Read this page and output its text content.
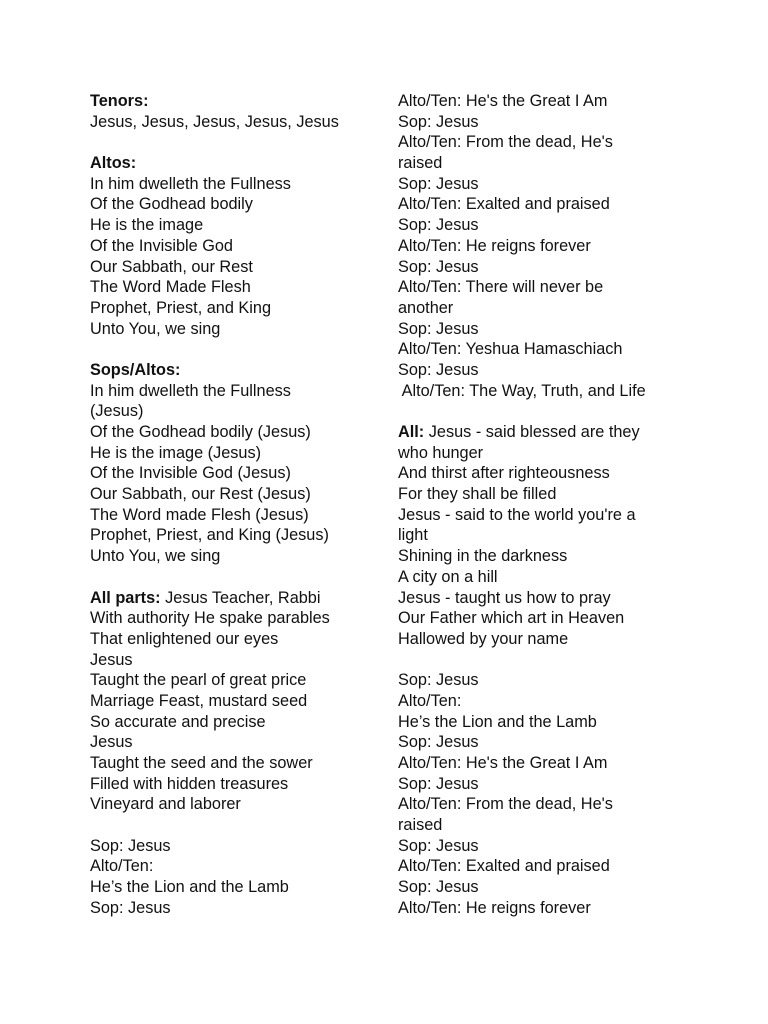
Tenors:
Jesus, Jesus, Jesus, Jesus, Jesus
Altos:
In him dwelleth the Fullness
Of the Godhead bodily
He is the image
Of the Invisible God
Our Sabbath, our Rest
The Word Made Flesh
Prophet, Priest, and King
Unto You, we sing
Sops/Altos:
In him dwelleth the Fullness
(Jesus)
Of the Godhead bodily (Jesus)
He is the image (Jesus)
Of the Invisible God (Jesus)
Our Sabbath, our Rest (Jesus)
The Word made Flesh (Jesus)
Prophet, Priest, and King (Jesus)
Unto You, we sing
All parts: Jesus Teacher, Rabbi
With authority He spake parables
That enlightened our eyes
Jesus
Taught the pearl of great price
Marriage Feast, mustard seed
So accurate and precise
Jesus
Taught the seed and the sower
Filled with hidden treasures
Vineyard and laborer
Sop: Jesus
Alto/Ten:
He’s the Lion and the Lamb
Sop: Jesus
Alto/Ten: He's the Great I Am
Sop: Jesus
Alto/Ten: From the dead, He's
raised
Sop: Jesus
Alto/Ten: Exalted and praised
Sop: Jesus
Alto/Ten: He reigns forever
Sop: Jesus
Alto/Ten: There will never be
another
Sop: Jesus
Alto/Ten: Yeshua Hamaschiach
Sop: Jesus
Alto/Ten: The Way, Truth, and Life
All: Jesus - said blessed are they
who hunger
And thirst after righteousness
For they shall be filled
Jesus - said to the world you're a
light
Shining in the darkness
A city on a hill
Jesus - taught us how to pray
Our Father which art in Heaven
Hallowed by your name
Sop: Jesus
Alto/Ten:
He’s the Lion and the Lamb
Sop: Jesus
Alto/Ten: He's the Great I Am
Sop: Jesus
Alto/Ten: From the dead, He's
raised
Sop: Jesus
Alto/Ten: Exalted and praised
Sop: Jesus
Alto/Ten: He reigns forever
